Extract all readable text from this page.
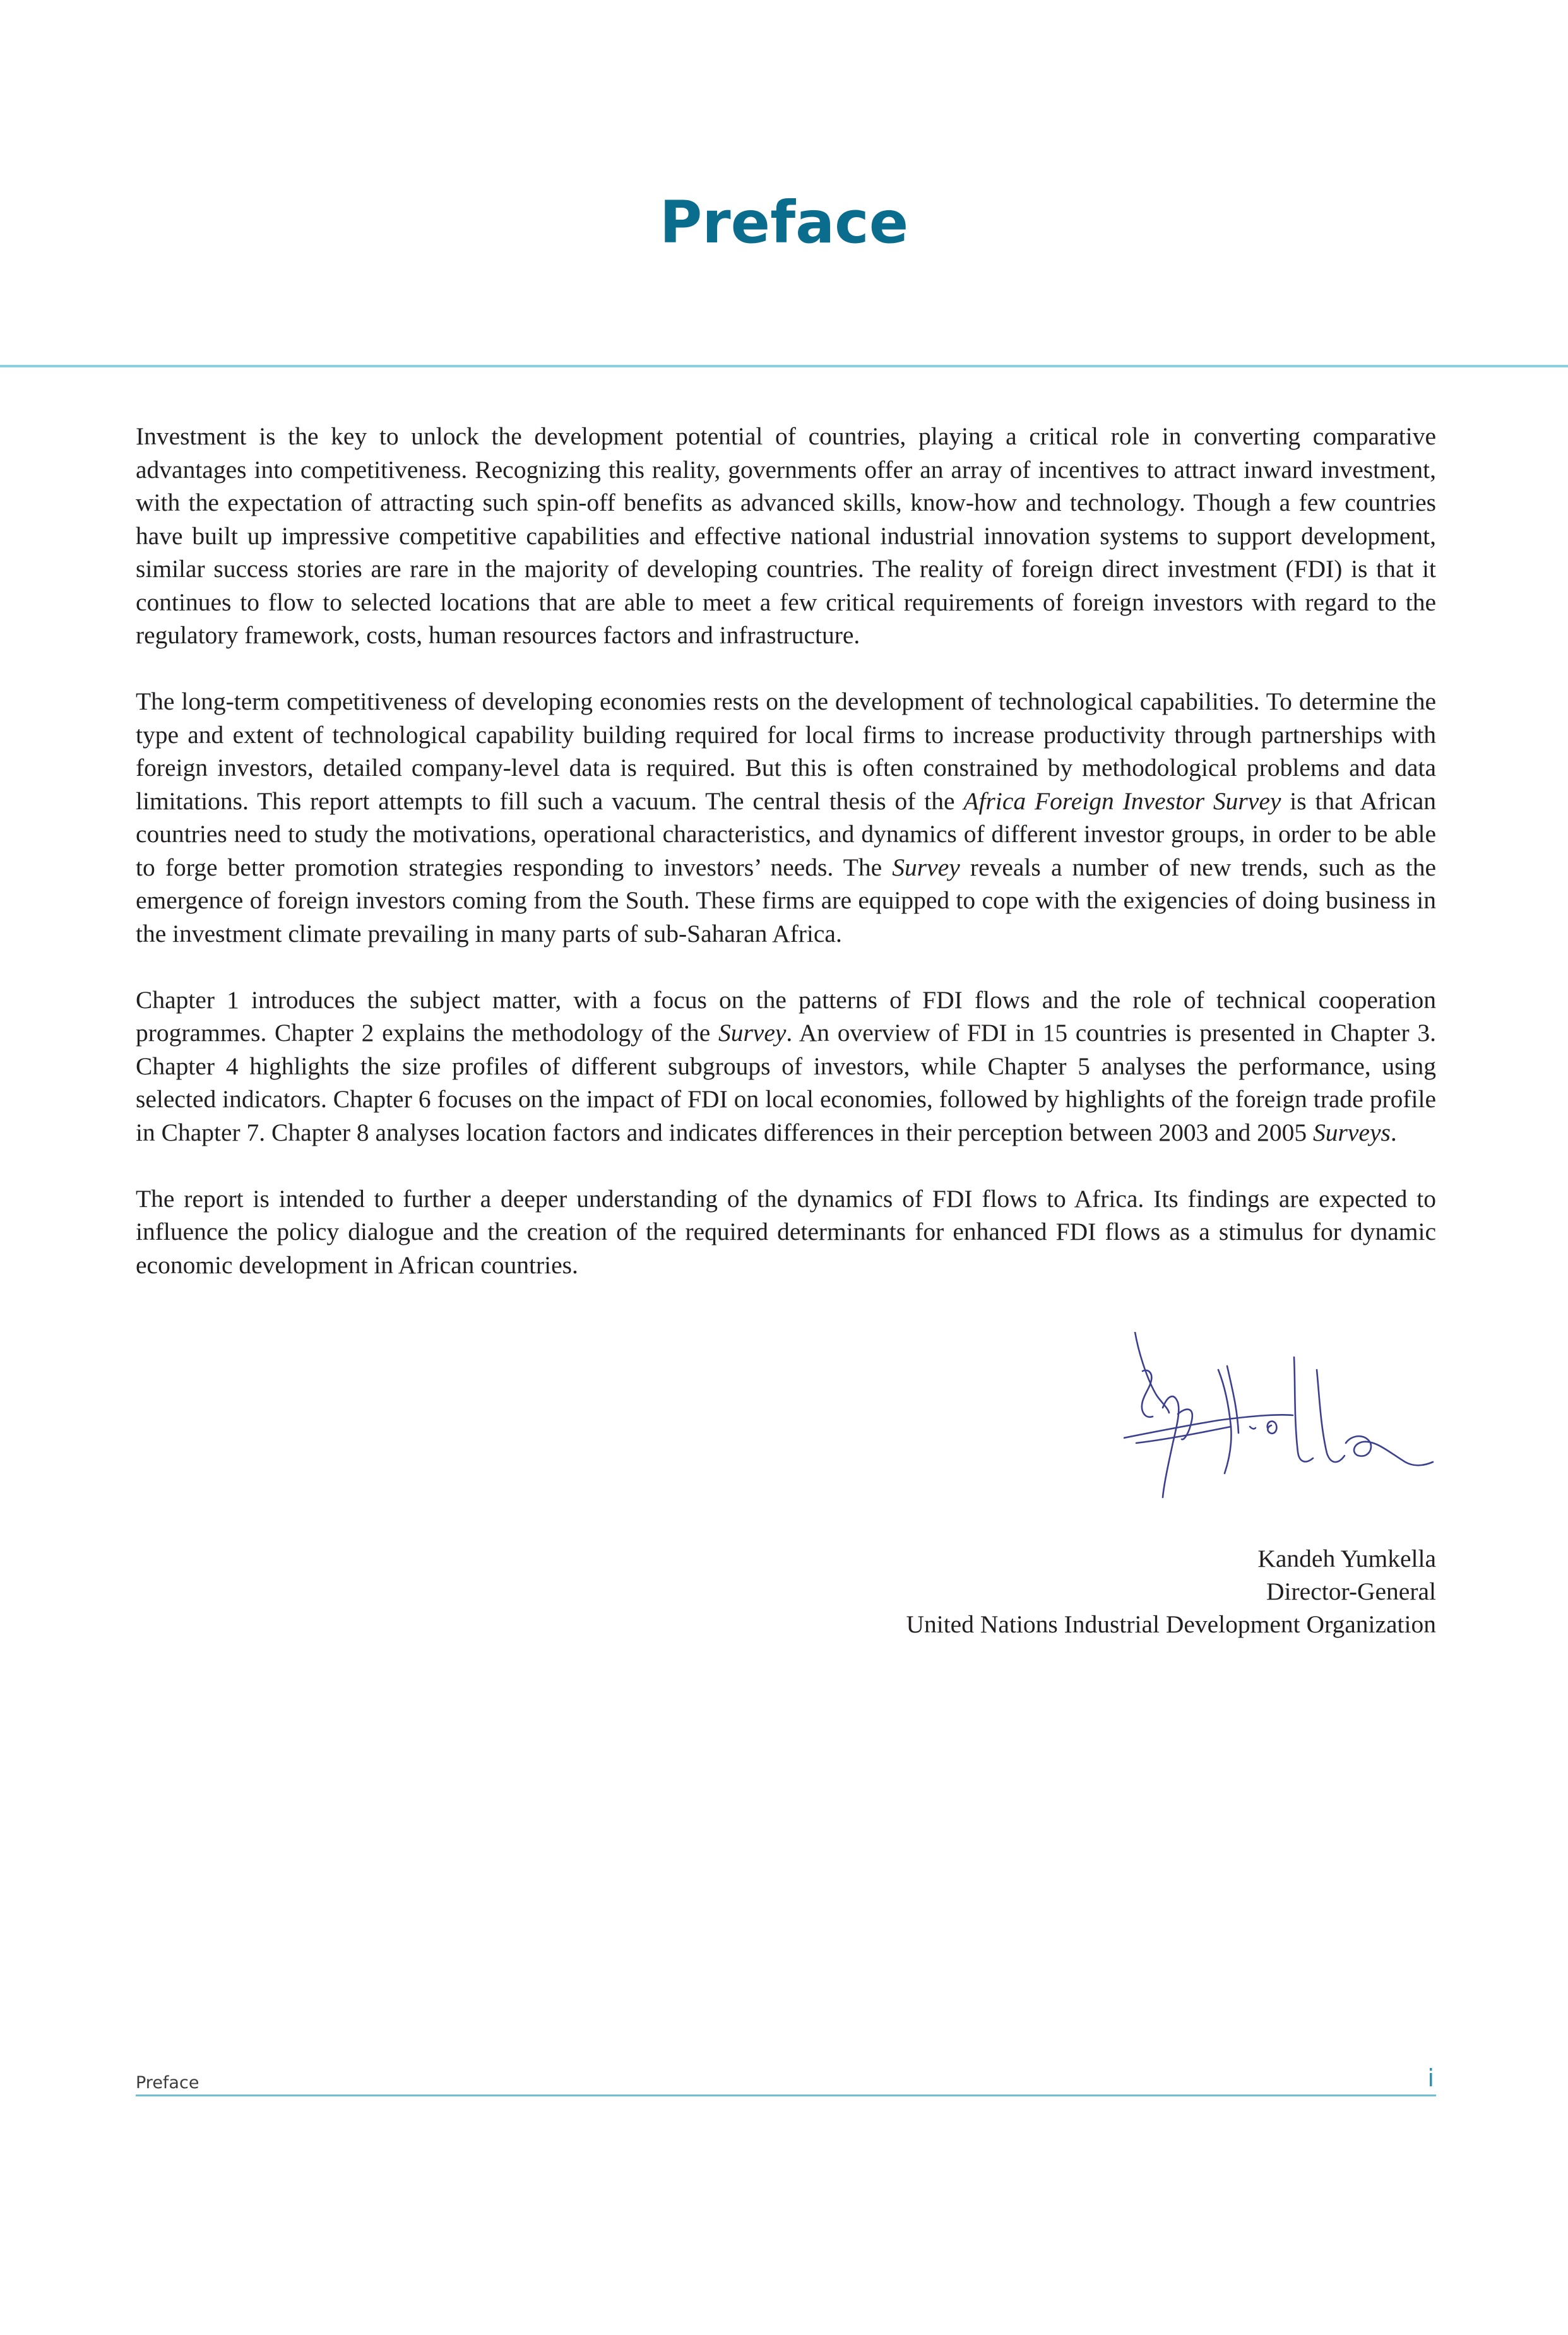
Preface

Investment is the key to unlock the development potential of countries, playing a critical role in converting comparative advantages into competitiveness. Recognizing this reality, governments offer an array of incentives to attract inward investment, with the expectation of attracting such spin-off benefits as advanced skills, know-how and technology. Though a few countries have built up impressive competitive capabilities and effective national industrial innovation systems to support development, similar success stories are rare in the majority of developing countries. The reality of foreign direct investment (FDI) is that it continues to flow to selected locations that are able to meet a few critical requirements of foreign investors with regard to the regulatory framework, costs, human resources factors and infrastructure.

The long-term competitiveness of developing economies rests on the development of technological capabilities. To determine the type and extent of technological capability building required for local firms to increase productivity through partnerships with foreign investors, detailed company-level data is required. But this is often constrained by methodological problems and data limitations. This report attempts to fill such a vacuum. The central thesis of the Africa Foreign Investor Survey is that African countries need to study the motivations, operational characteristics, and dynamics of different investor groups, in order to be able to forge better promotion strategies responding to investors’ needs. The Survey reveals a number of new trends, such as the emergence of foreign investors coming from the South. These firms are equipped to cope with the exigencies of doing business in the investment climate prevailing in many parts of sub-Saharan Africa.

Chapter 1 introduces the subject matter, with a focus on the patterns of FDI flows and the role of technical cooperation programmes. Chapter 2 explains the methodology of the Survey. An overview of FDI in 15 countries is presented in Chapter 3. Chapter 4 highlights the size profiles of different subgroups of investors, while Chapter 5 analyses the performance, using selected indicators. Chapter 6 focuses on the impact of FDI on local economies, followed by highlights of the foreign trade profile in Chapter 7. Chapter 8 analyses location factors and indicates differences in their perception between 2003 and 2005 Surveys.

The report is intended to further a deeper understanding of the dynamics of FDI flows to Africa. Its findings are expected to influence the policy dialogue and the creation of the required determinants for enhanced FDI flows as a stimulus for dynamic economic development in African countries.

Kandeh Yumkella
Director-General
United Nations Industrial Development Organization
Preface	i
